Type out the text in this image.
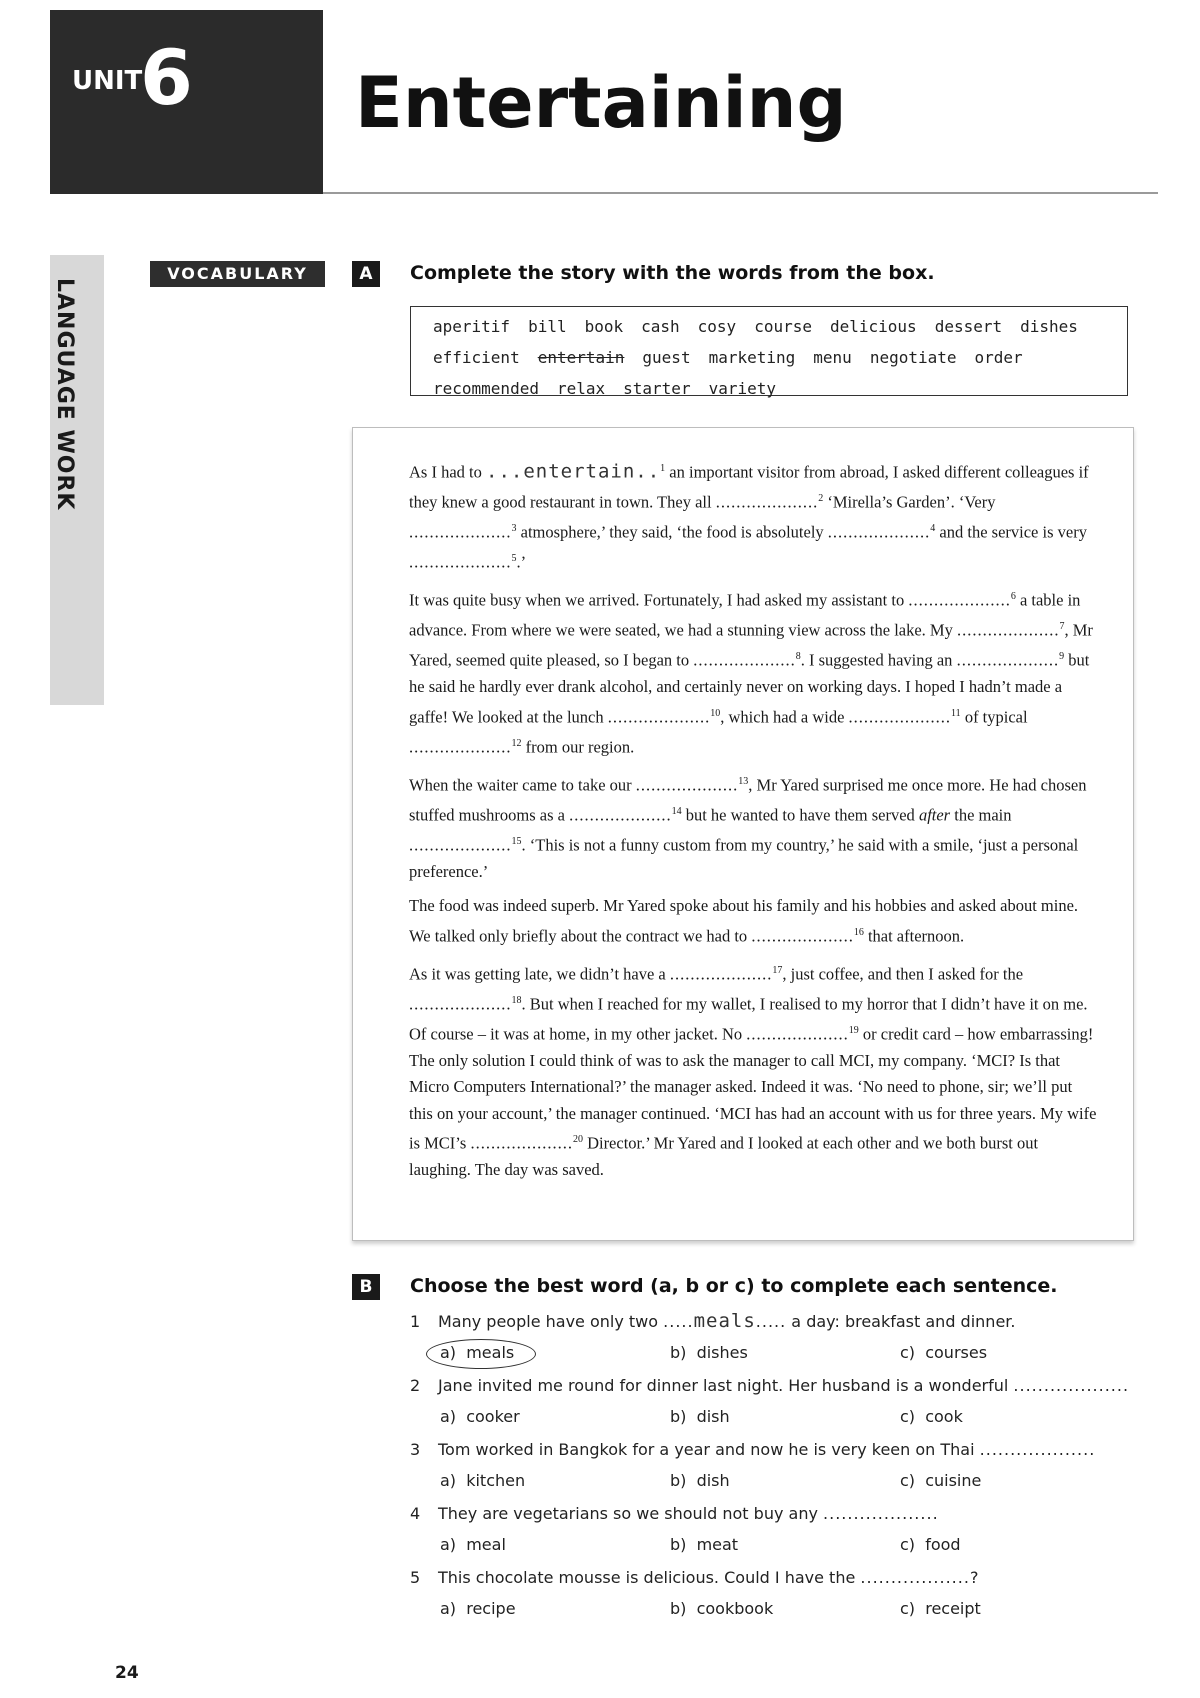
UNIT
6 Entertaining
LANGUAGE WORK
VOCABULARY	A	Complete the story with the words from the box.
aperitif bill book cash cosy course delicious dessert dishes
efficient entertain guest marketing menu negotiate order
recommended relax starter variety

As I had to ...entertain..$^1$ an important visitor from abroad, I asked different colleagues if they knew a good restaurant in town. They all ....................$^2$ ‘Mirella’s Garden’. ‘Very ....................$^3$ atmosphere,’ they said, ‘the food is absolutely ....................$^4$ and the service is very ....................$^5$.’

It was quite busy when we arrived. Fortunately, I had asked my assistant to ....................$^6$ a table in advance. From where we were seated, we had a stunning view across the lake. My ....................$^7$, Mr Yared, seemed quite pleased, so I began to ....................$^8$. I suggested having an ....................$^9$ but he said he hardly ever drank alcohol, and certainly never on working days. I hoped I hadn’t made a gaffe! We looked at the lunch ....................$^{10}$, which had a wide ....................$^{11}$ of typical ....................$^{12}$ from our region.

When the waiter came to take our ....................$^{13}$, Mr Yared surprised me once more. He had chosen stuffed mushrooms as a ....................$^{14}$ but he wanted to have them served after the main ....................$^{15}$. ‘This is not a funny custom from my country,’ he said with a smile, ‘just a personal preference.’

The food was indeed superb. Mr Yared spoke about his family and his hobbies and asked about mine. We talked only briefly about the contract we had to ....................$^{16}$ that afternoon.

As it was getting late, we didn’t have a ....................$^{17}$, just coffee, and then I asked for the ....................$^{18}$. But when I reached for my wallet, I realised to my horror that I didn’t have it on me. Of course – it was at home, in my other jacket. No ....................$^{19}$ or credit card – how embarrassing! The only solution I could think of was to ask the manager to call MCI, my company. ‘MCI? Is that Micro Computers International?’ the manager asked. Indeed it was. ‘No need to phone, sir; we’ll put this on your account,’ the manager continued. ‘MCI has had an account with us for three years. My wife is MCI’s ....................$^{20}$ Director.’ Mr Yared and I looked at each other and we both burst out laughing. The day was saved.

B	Choose the best word (a, b or c) to complete each sentence.
1 Many people have only two .....meals..... a day: breakfast and dinner.
a)  meals	b)  dishes	c)  courses
2 Jane invited me round for dinner last night. Her husband is a wonderful ...................
a)  cooker	b)  dish	c)  cook
3 Tom worked in Bangkok for a year and now he is very keen on Thai ...................
a)  kitchen	b)  dish	c)  cuisine
4 They are vegetarians so we should not buy any ...................
a)  meal	b)  meat	c)  food
5 This chocolate mousse is delicious. Could I have the ..................?
a)  recipe	b)  cookbook	c)  receipt
24
